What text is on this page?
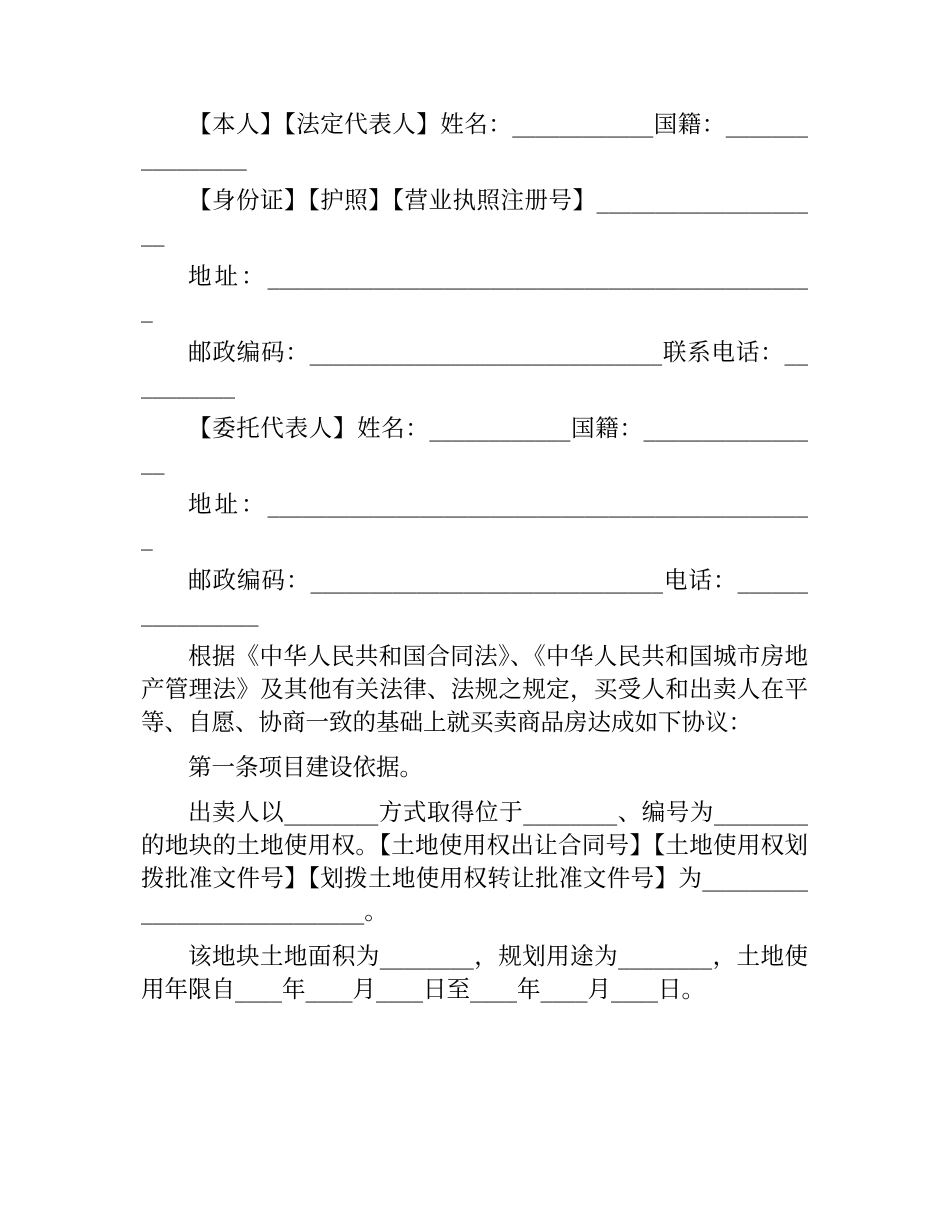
【本人】【法定代表人】姓名：____________国籍：________________

【身份证】【护照】【营业执照注册号】____________________

地址：_______________________________________________

邮政编码：______________________________联系电话：__________

【委托代表人】姓名：____________国籍：________________

地址：_______________________________________________

邮政编码：______________________________电话：________________

根据《中华人民共和国合同法》、《中华人民共和国城市房地产管理法》及其他有关法律、法规之规定，买受人和出卖人在平等、自愿、协商一致的基础上就买卖商品房达成如下协议：

第一条项目建设依据。

出卖人以________方式取得位于________、编号为________的地块的土地使用权。【土地使用权出让合同号】【土地使用权划拨批准文件号】【划拨土地使用权转让批准文件号】为____________________________。

该地块土地面积为________，规划用途为________，土地使用年限自____年____月____日至____年____月____日。
